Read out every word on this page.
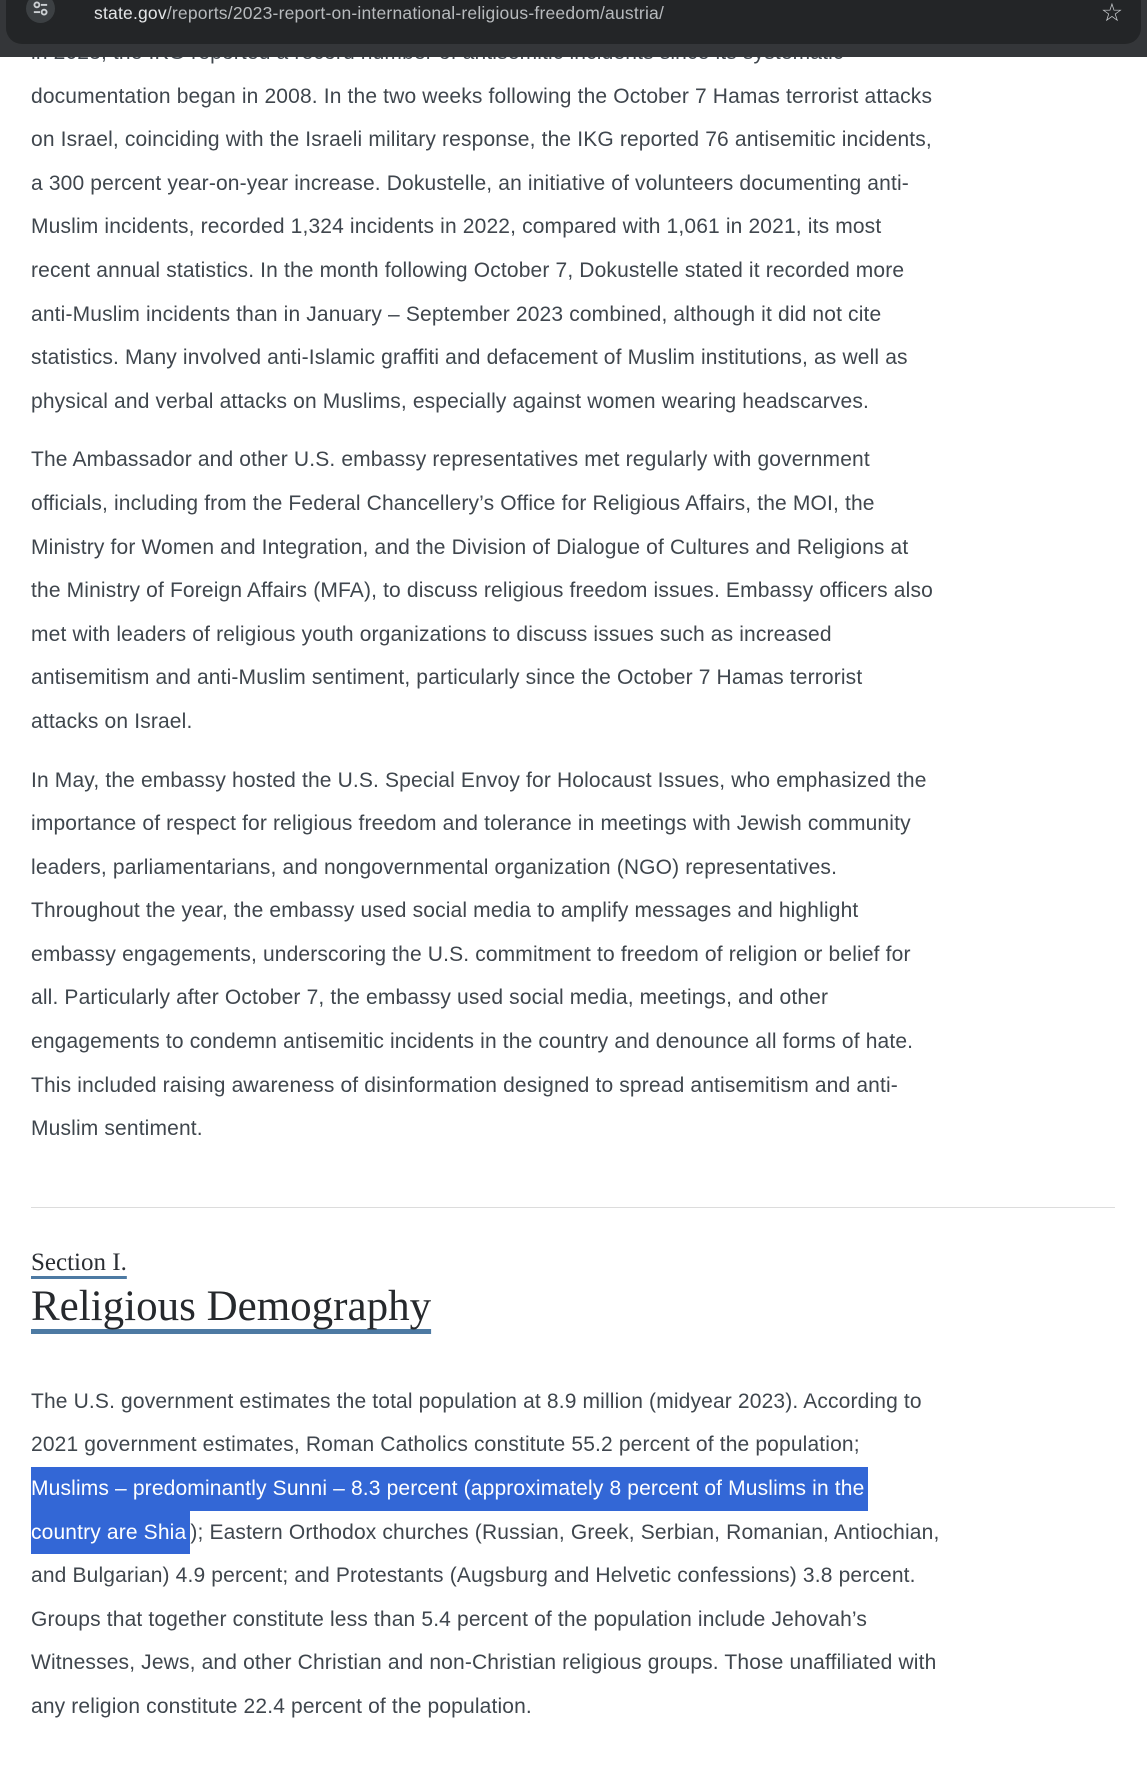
documentation began in 2008. In the two weeks following the October 7 Hamas terrorist attacks
on Israel, coinciding with the Israeli military response, the IKG reported 76 antisemitic incidents,
a 300 percent year-on-year increase. Dokustelle, an initiative of volunteers documenting anti-
Muslim incidents, recorded 1,324 incidents in 2022, compared with 1,061 in 2021, its most
recent annual statistics. In the month following October 7, Dokustelle stated it recorded more
anti-Muslim incidents than in January – September 2023 combined, although it did not cite
statistics. Many involved anti-Islamic graffiti and defacement of Muslim institutions, as well as
physical and verbal attacks on Muslims, especially against women wearing headscarves.
The Ambassador and other U.S. embassy representatives met regularly with government
officials, including from the Federal Chancellery’s Office for Religious Affairs, the MOI, the
Ministry for Women and Integration, and the Division of Dialogue of Cultures and Religions at
the Ministry of Foreign Affairs (MFA), to discuss religious freedom issues. Embassy officers also
met with leaders of religious youth organizations to discuss issues such as increased
antisemitism and anti-Muslim sentiment, particularly since the October 7 Hamas terrorist
attacks on Israel.
In May, the embassy hosted the U.S. Special Envoy for Holocaust Issues, who emphasized the
importance of respect for religious freedom and tolerance in meetings with Jewish community
leaders, parliamentarians, and nongovernmental organization (NGO) representatives.
Throughout the year, the embassy used social media to amplify messages and highlight
embassy engagements, underscoring the U.S. commitment to freedom of religion or belief for
all. Particularly after October 7, the embassy used social media, meetings, and other
engagements to condemn antisemitic incidents in the country and denounce all forms of hate.
This included raising awareness of disinformation designed to spread antisemitism and anti-
Muslim sentiment.
Section I.
Religious Demography
The U.S. government estimates the total population at 8.9 million (midyear 2023). According to
2021 government estimates, Roman Catholics constitute 55.2 percent of the population;
Muslims – predominantly Sunni – 8.3 percent (approximately 8 percent of Muslims in the
country are Shia ); Eastern Orthodox churches (Russian, Greek, Serbian, Romanian, Antiochian,
and Bulgarian) 4.9 percent; and Protestants (Augsburg and Helvetic confessions) 3.8 percent.
Groups that together constitute less than 5.4 percent of the population include Jehovah’s
Witnesses, Jews, and other Christian and non-Christian religious groups. Those unaffiliated with
any religion constitute 22.4 percent of the population.
state.gov/reports/2023-report-on-international-religious-freedom/austria/	☆
